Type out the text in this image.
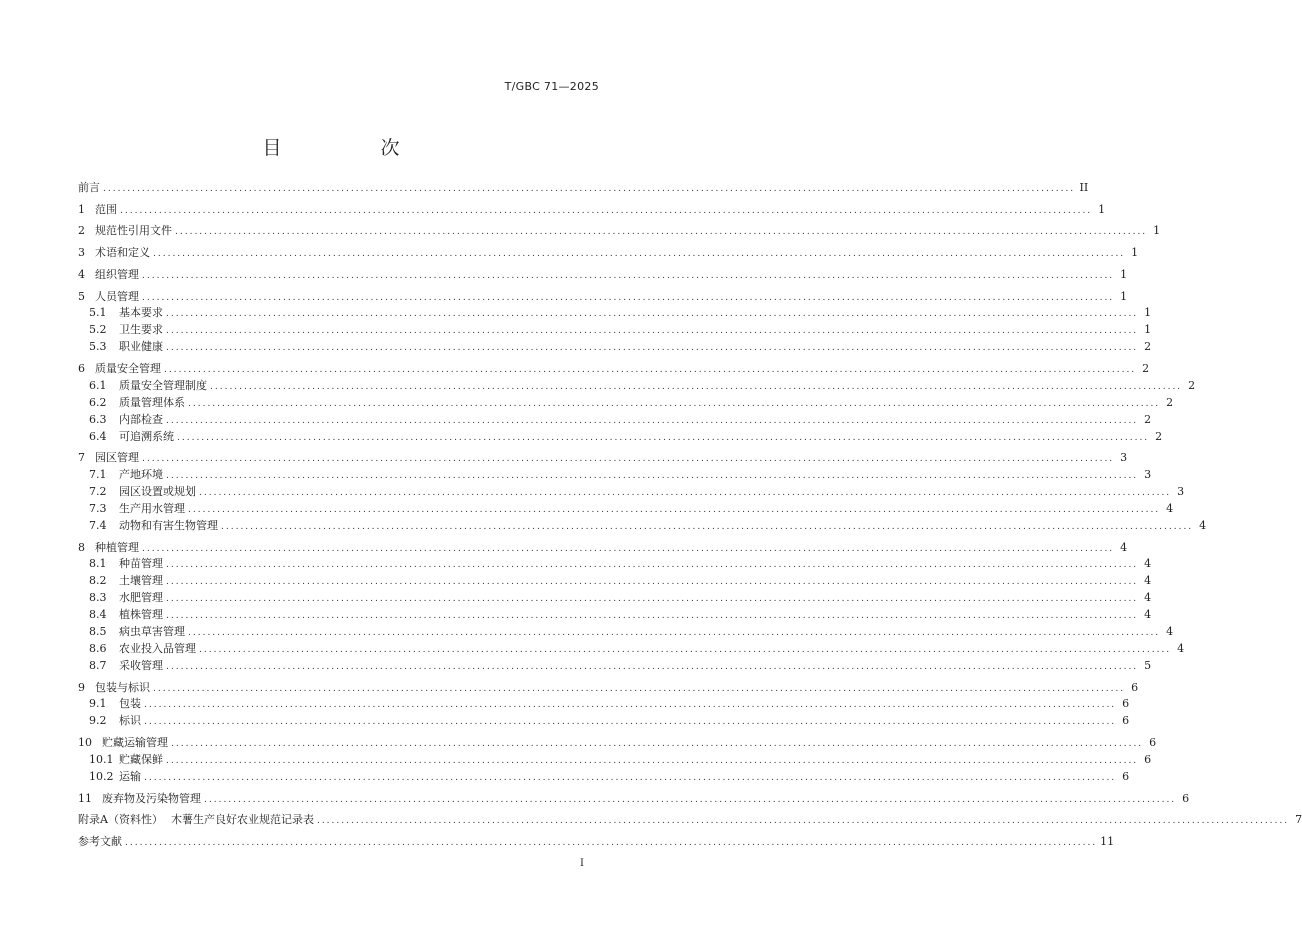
T/GBC 71—2025
目　次
前言 ........................................................................................................................................................................................................ II
1 范围 ........................................................................................................................................................................................................ 1
2 规范性引用文件 ........................................................................................................................................................................................................ 1
3 术语和定义 ........................................................................................................................................................................................................ 1
4 组织管理 ........................................................................................................................................................................................................ 1
5 人员管理 ........................................................................................................................................................................................................ 1
5.1	基本要求 ........................................................................................................................................................................................................ 1
5.2	卫生要求 ........................................................................................................................................................................................................ 1
5.3	职业健康 ........................................................................................................................................................................................................ 2
6 质量安全管理 ........................................................................................................................................................................................................ 2
6.1	质量安全管理制度 ........................................................................................................................................................................................................ 2
6.2	质量管理体系 ........................................................................................................................................................................................................ 2
6.3	内部检查 ........................................................................................................................................................................................................ 2
6.4	可追溯系统 ........................................................................................................................................................................................................ 2
7 园区管理 ........................................................................................................................................................................................................ 3
7.1	产地环境 ........................................................................................................................................................................................................ 3
7.2	园区设置或规划 ........................................................................................................................................................................................................ 3
7.3	生产用水管理 ........................................................................................................................................................................................................ 4
7.4	动物和有害生物管理 ........................................................................................................................................................................................................ 4
8 种植管理 ........................................................................................................................................................................................................ 4
8.1	种苗管理 ........................................................................................................................................................................................................ 4
8.2	土壤管理 ........................................................................................................................................................................................................ 4
8.3	水肥管理 ........................................................................................................................................................................................................ 4
8.4	植株管理 ........................................................................................................................................................................................................ 4
8.5	病虫草害管理 ........................................................................................................................................................................................................ 4
8.6	农业投入品管理 ........................................................................................................................................................................................................ 4
8.7	采收管理 ........................................................................................................................................................................................................ 5
9 包装与标识 ........................................................................................................................................................................................................ 6
9.1	包装 ........................................................................................................................................................................................................ 6
9.2	标识 ........................................................................................................................................................................................................ 6
10 贮藏运输管理 ........................................................................................................................................................................................................ 6
10.1 贮藏保鲜 ........................................................................................................................................................................................................ 6
10.2 运输 ........................................................................................................................................................................................................ 6
11 废弃物及污染物管理 ........................................................................................................................................................................................................ 6
附录A（资料性） 木薯生产良好农业规范记录表 ........................................................................................................................................................................................................ 7
参考文献 ........................................................................................................................................................................................................ 11
I
